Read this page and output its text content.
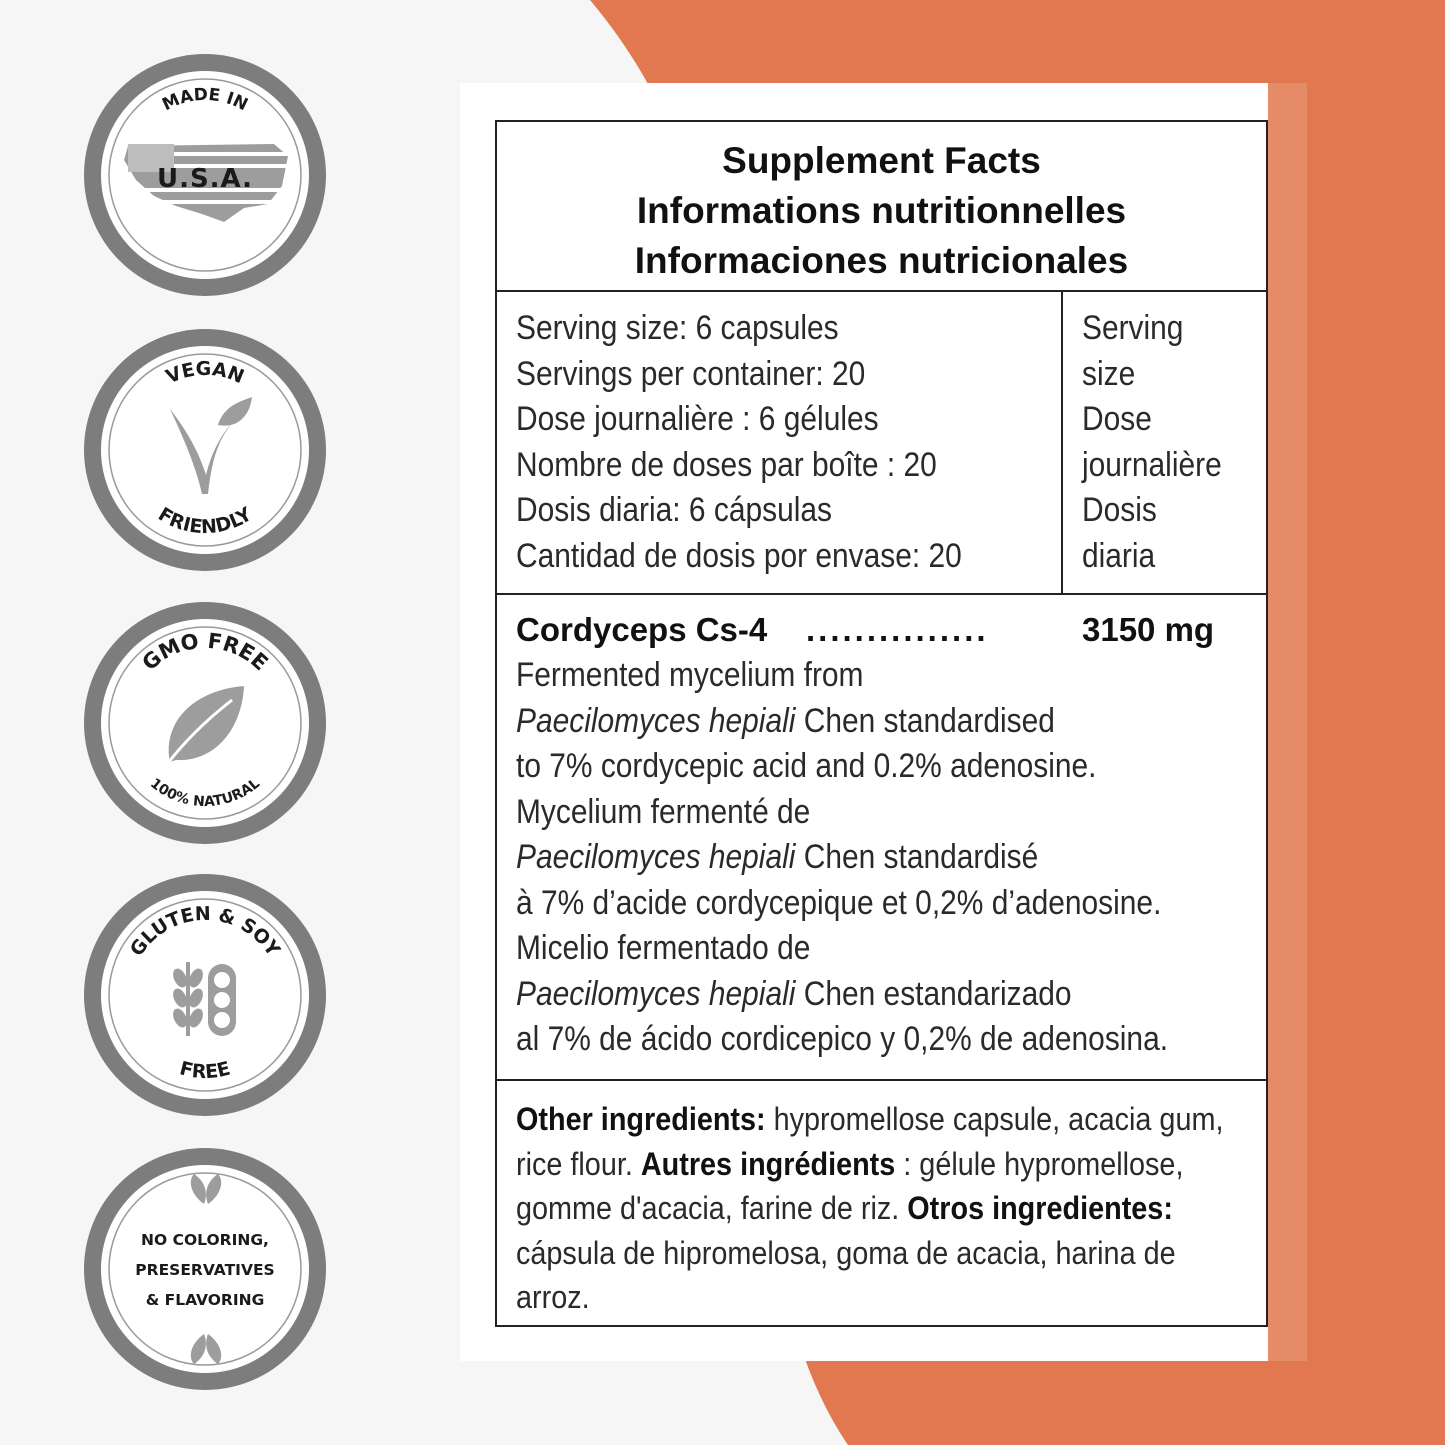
MADE IN
U.S.A.
VEGAN
FRIENDLY
GMO FREE
100% NATURAL
GLUTEN & SOY
FREE
NO COLORING,
PRESERVATIVES
& FLAVORING
Supplement Facts
Informations nutritionnelles
Informaciones nutricionales
Serving size: 6 capsules
Servings per container: 20
Dose journalière : 6 gélules
Nombre de doses par boîte : 20
Dosis diaria: 6 cápsulas
Cantidad de dosis por envase: 20
Serving
size
Dose
journalière
Dosis
diaria
Cordyceps Cs-4 ...............	3150 mg
Fermented mycelium from
Paecilomyces hepiali Chen standardised
to 7% cordycepic acid and 0.2% adenosine.
Mycelium fermenté de
Paecilomyces hepiali Chen standardisé
à 7% d’acide cordycepique et 0,2% d’adenosine.
Micelio fermentado de
Paecilomyces hepiali Chen estandarizado
al 7% de ácido cordicepico y 0,2% de adenosina.

Other ingredients: hypromellose capsule, acacia gum, rice flour. Autres ingrédients : gélule hypromellose, gomme d'acacia, farine de riz. Otros ingredientes: cápsula de hipromelosa, goma de acacia, harina de arroz.
